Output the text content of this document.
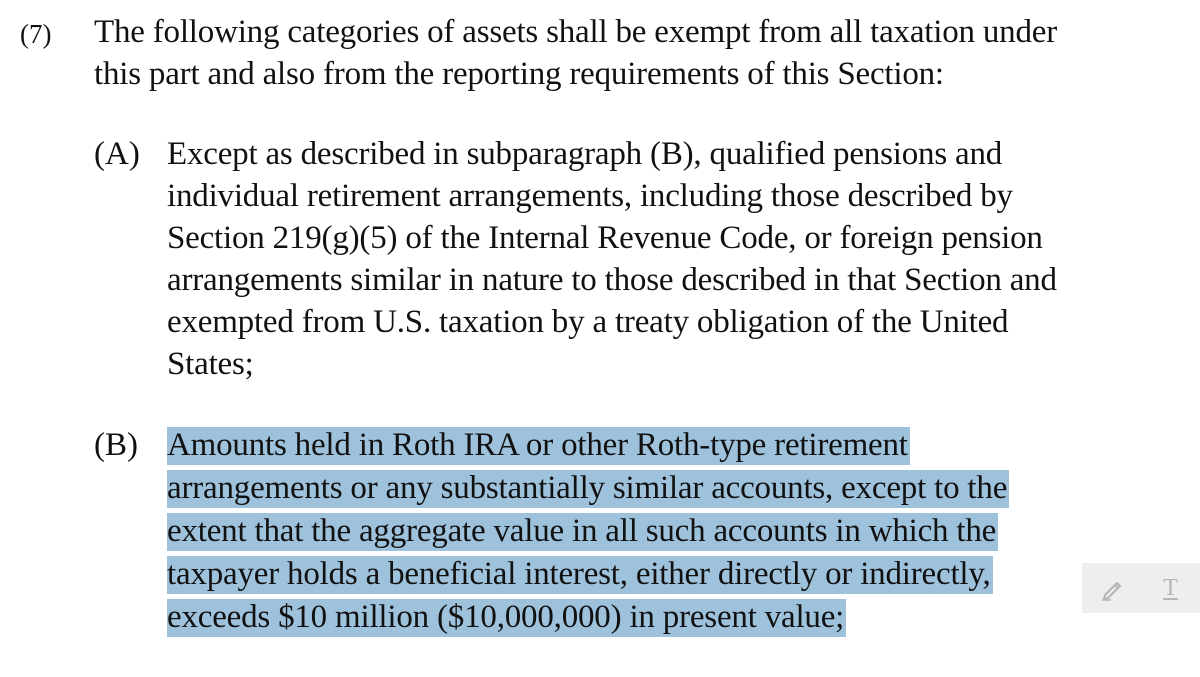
(7) The following categories of assets shall be exempt from all taxation under
this part and also from the reporting requirements of this Section:
(A) Except as described in subparagraph (B), qualified pensions and
individual retirement arrangements, including those described by
Section 219(g)(5) of the Internal Revenue Code, or foreign pension
arrangements similar in nature to those described in that Section and
exempted from U.S. taxation by a treaty obligation of the United
States;
(B) Amounts held in Roth IRA or other Roth-type retirement
arrangements or any substantially similar accounts, except to the
extent that the aggregate value in all such accounts in which the
taxpayer holds a beneficial interest, either directly or indirectly,
exceeds $10 million ($10,000,000) in present value;
T
